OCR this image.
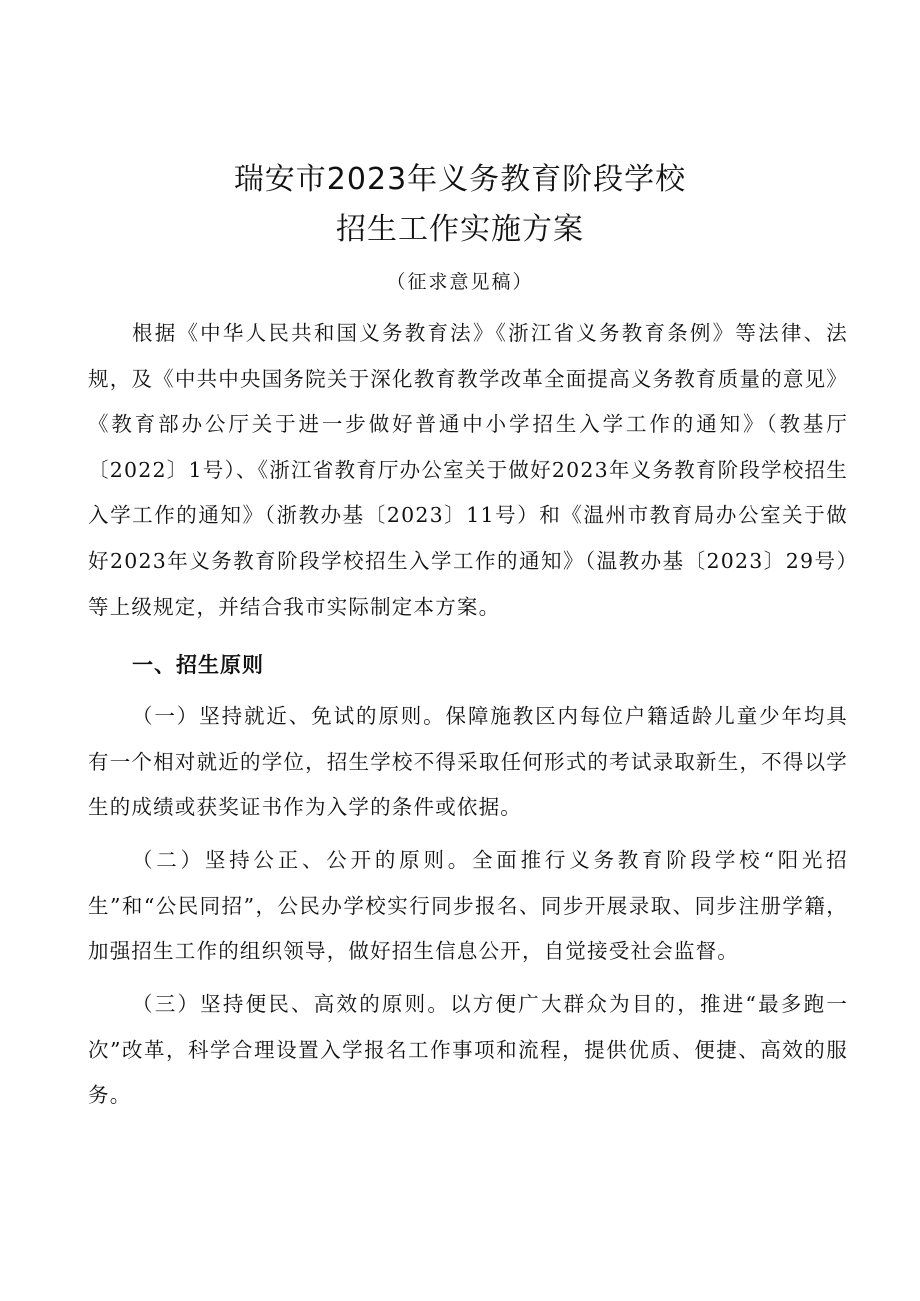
瑞安市2023年义务教育阶段学校
招生工作实施方案
（征求意见稿）

根据《中华人民共和国义务教育法》《浙江省义务教育条例》等法律、法规，及《中共中央国务院关于深化教育教学改革全面提高义务教育质量的意见》《教育部办公厅关于进一步做好普通中小学招生入学工作的通知》（教基厅〔2022〕1号）、《浙江省教育厅办公室关于做好2023年义务教育阶段学校招生入学工作的通知》（浙教办基〔2023〕11号）和《温州市教育局办公室关于做好2023年义务教育阶段学校招生入学工作的通知》（温教办基〔2023〕29号）等上级规定，并结合我市实际制定本方案。

一、招生原则

（一）坚持就近、免试的原则。保障施教区内每位户籍适龄儿童少年均具有一个相对就近的学位，招生学校不得采取任何形式的考试录取新生，不得以学生的成绩或获奖证书作为入学的条件或依据。

（二）坚持公正、公开的原则。全面推行义务教育阶段学校“阳光招生”和“公民同招”，公民办学校实行同步报名、同步开展录取、同步注册学籍，加强招生工作的组织领导，做好招生信息公开，自觉接受社会监督。

（三）坚持便民、高效的原则。以方便广大群众为目的，推进“最多跑一次”改革，科学合理设置入学报名工作事项和流程，提供优质、便捷、高效的服务。
